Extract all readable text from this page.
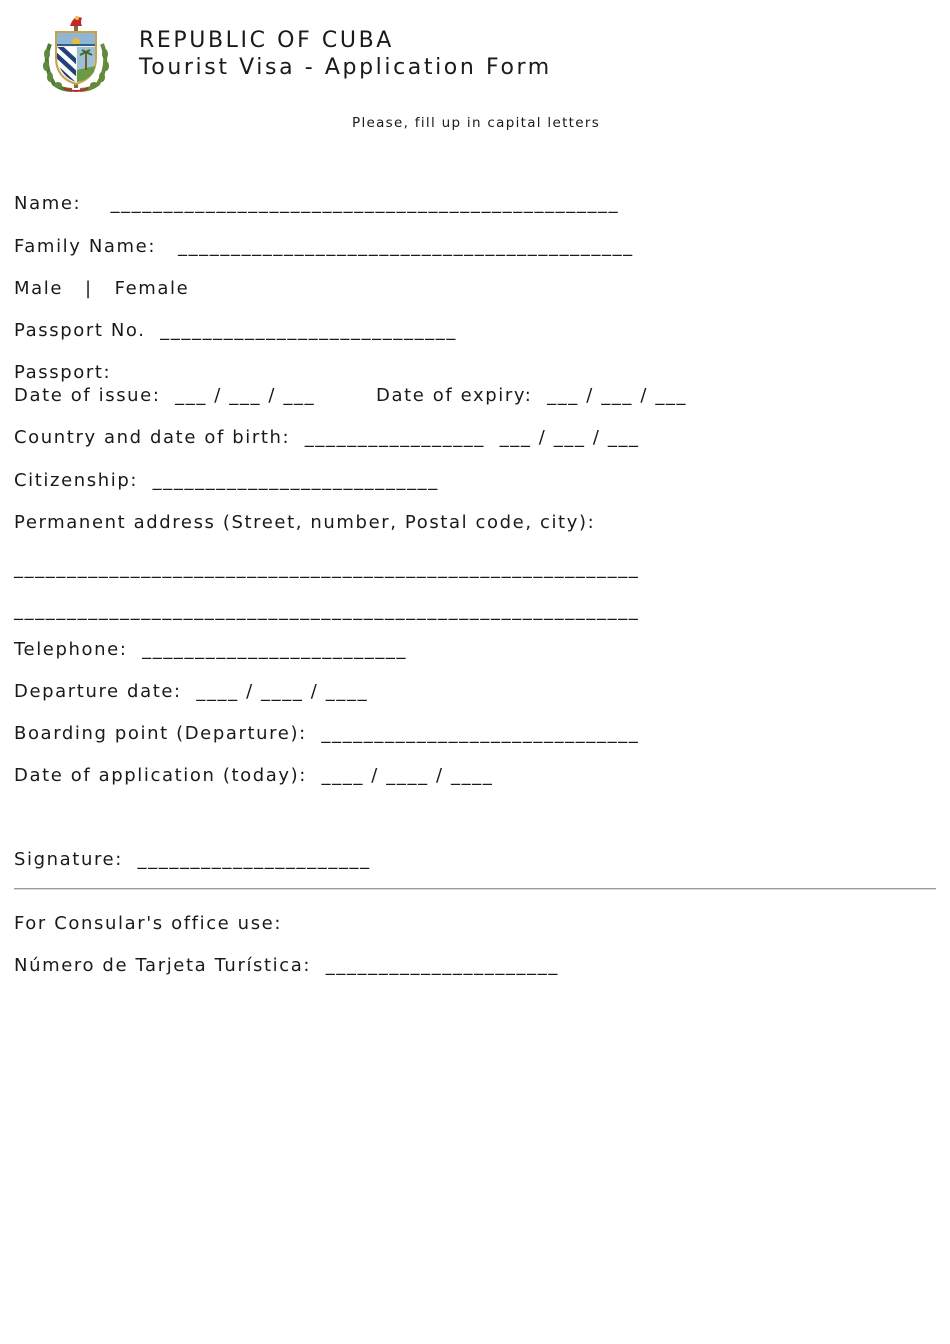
REPUBLIC OF CUBA
Tourist Visa - Application Form
Please, fill up in capital letters
Name:    ________________________________________________
Family Name:   ___________________________________________
Male   |   Female
Passport No.  ____________________________
Passport:
Date of issue:  ___ / ___ / ___	Date of expiry:  ___ / ___ / ___
Country and date of birth:  _________________  ___ / ___ / ___
Citizenship:  ___________________________
Permanent address (Street, number, Postal code, city):
___________________________________________________________
___________________________________________________________
Telephone:  _________________________
Departure date:  ____ / ____ / ____
Boarding point (Departure):  ______________________________
Date of application (today):  ____ / ____ / ____
Signature:  ______________________
For Consular's office use:
Número de Tarjeta Turística:  ______________________
